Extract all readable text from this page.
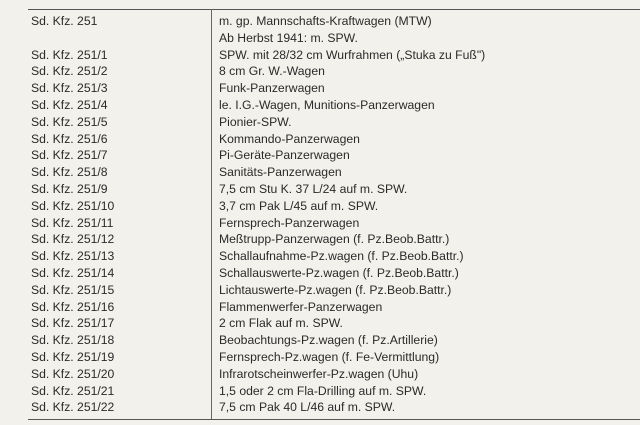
Sd. Kfz. 251	m. gp. Mannschafts-Kraftwagen (MTW)
Ab Herbst 1941: m. SPW.
Sd. Kfz. 251/1	SPW. mit 28/32 cm Wurfrahmen („Stuka zu Fuß")
Sd. Kfz. 251/2	8 cm Gr. W.-Wagen
Sd. Kfz. 251/3	Funk-Panzerwagen
Sd. Kfz. 251/4	le. I.G.-Wagen, Munitions-Panzerwagen
Sd. Kfz. 251/5	Pionier-SPW.
Sd. Kfz. 251/6	Kommando-Panzerwagen
Sd. Kfz. 251/7	Pi-Geräte-Panzerwagen
Sd. Kfz. 251/8	Sanitäts-Panzerwagen
Sd. Kfz. 251/9	7,5 cm Stu K. 37 L/24 auf m. SPW.
Sd. Kfz. 251/10	3,7 cm Pak L/45 auf m. SPW.
Sd. Kfz. 251/11	Fernsprech-Panzerwagen
Sd. Kfz. 251/12	Meßtrupp-Panzerwagen (f. Pz.Beob.Battr.)
Sd. Kfz. 251/13	Schallaufnahme-Pz.wagen (f. Pz.Beob.Battr.)
Sd. Kfz. 251/14	Schallauswerte-Pz.wagen (f. Pz.Beob.Battr.)
Sd. Kfz. 251/15	Lichtauswerte-Pz.wagen (f. Pz.Beob.Battr.)
Sd. Kfz. 251/16	Flammenwerfer-Panzerwagen
Sd. Kfz. 251/17	2 cm Flak auf m. SPW.
Sd. Kfz. 251/18	Beobachtungs-Pz.wagen (f. Pz.Artillerie)
Sd. Kfz. 251/19	Fernsprech-Pz.wagen (f. Fe-Vermittlung)
Sd. Kfz. 251/20	Infrarotscheinwerfer-Pz.wagen (Uhu)
Sd. Kfz. 251/21	1,5 oder 2 cm Fla-Drilling auf m. SPW.
Sd. Kfz. 251/22	7,5 cm Pak 40 L/46 auf m. SPW.
